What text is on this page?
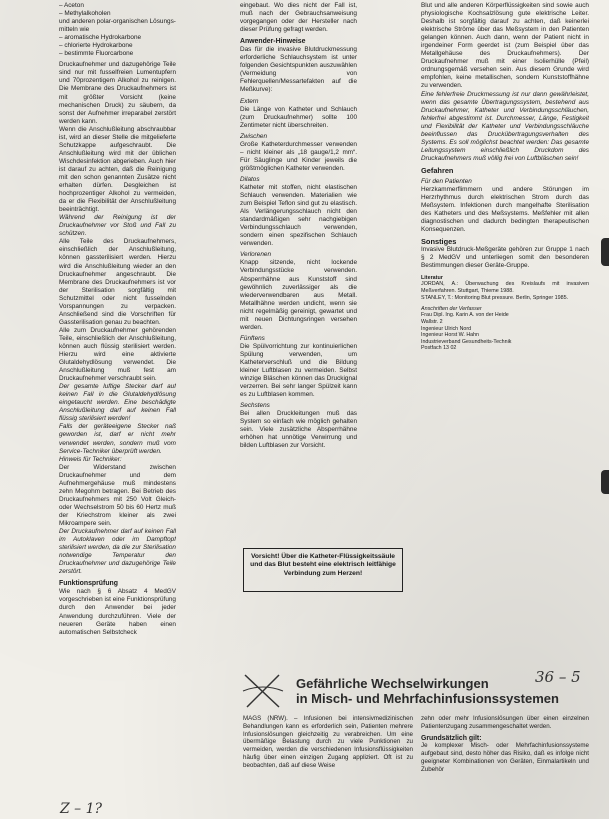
– Aceton

– Methylalkoholen

und anderen polar-organischen Lösungs-

mitteln wie

– aromatische Hydrokarbone

– chlorierte Hydrokarbone

– bestimmte Fluorcarbone

Druckaufnehmer und dazugehörige Teile sind nur mit fusselfreien Lumentupfern und 70prozentigem Alkohol zu reinigen. Die Membrane des Druckaufnehmers ist mit größter Vorsicht (keine mechanischen Druck) zu säubern, da sonst der Aufnehmer irreparabel zerstört werden kann.

Wenn die Anschlußleitung abschraubbar ist, wird an dieser Stelle die mitgelieferte Schutzkappe aufgeschraubt. Die Anschlußleitung wird mit der üblichen Wischdesinfektion abgerieben. Auch hier ist darauf zu achten, daß die Reinigung mit den schon genannten Zusätze nicht erhalten dürfen. Desgleichen ist hochprozentiger Alkohol zu vermeiden, da er die Flexibilität der Anschlußleitung beeinträchtigt.

Während der Reinigung ist der Druckaufnehmer vor Stoß und Fall zu schützen.

Alle Teile des Druckaufnehmers, einschließlich der Anschlußleitung, können gassterilisiert werden. Hierzu wird die Anschlußleitung wieder an den Druckaufnehmer angeschraubt. Die Membrane des Druckaufnehmers ist vor der Sterilisation sorgfältig mit Schutzmittel oder nicht fusselnden Vorspannungen zu verpacken. Anschließend sind die Vorschriften für Gassterilisation genau zu beachten.

Alle zum Druckaufnehmer gehörenden Teile, einschließlich der Anschlußleitung, können auch flüssig sterilisiert werden. Hierzu wird eine aktivierte Glutaldehydlösung verwendet. Die Anschlußleitung muß fest am Druckaufnehmer verschraubt sein.

Der gesamte luftige Stecker darf auf keinen Fall in die Glutaldehydlösung eingetaucht werden. Eine beschädigte Anschlußleitung darf auf keinen Fall flüssig sterilisiert werden!

Falls der geräteeigene Stecker naß geworden ist, darf er nicht mehr verwendet werden, sondern muß vom Service-Techniker überprüft werden.

Hinweis für Techniker:

Der Widerstand zwischen Druckaufnehmer und dem Aufnehmergehäuse muß mindestens zehn Megohm betragen. Bei Betrieb des Druckaufnehmers mit 250 Volt Gleich- oder Wechselstrom 50 bis 60 Hertz muß der Kriechstrom kleiner als zwei Mikroampere sein.

Der Druckaufnehmer darf auf keinen Fall im Autoklaven oder im Dampftopf sterilisiert werden, da die zur Sterilisation notwendige Temperatur den Druckaufnehmer und dazugehörige Teile zerstört.

Funktionsprüfung

Wie nach § 6 Absatz 4 MedGV vorgeschrieben ist eine Funktionsprüfung durch den Anwender bei jeder Anwendung durchzuführen. Viele der neueren Geräte haben einen automatischen Selbstcheck

eingebaut. Wo dies nicht der Fall ist, muß nach der Gebrauchsanweisung vorgegangen oder der Hersteller nach dieser Prüfung gefragt werden.

Anwender-Hinweise

Das für die invasive Blutdruckmessung erforderliche Schlauchsystem ist unter folgenden Gesichtspunkten auszuwählen (Vermeidung von Fehlerquellen/Messartefakten auf die Meßkurve):

Extern

Die Länge von Katheter und Schlauch (zum Druckaufnehmer) sollte 100 Zentimeter nicht überschreiten.

Zwischen

Große Katheterdurchmesser verwenden – nicht kleiner als „18 gauge/1,2 mm“. Für Säuglinge und Kinder jeweils die größtmöglichen Katheter verwenden.

Dilatos

Katheter mit stoffen, nicht elastischen Schlauch verwenden. Materialien wie zum Beispiel Teflon sind gut zu elastisch. Als Verlängerungsschlauch nicht den standardmäßigen sehr nachgiebigen Verbindungsschlauch verwenden, sondern einen spezifischen Schlauch verwenden.

Verlorenen

Knapp sitzende, nicht lockende Verbindungsstücke verwenden. Absperrhähne aus Kunststoff sind gewöhnlich zuverlässiger als die wiederverwendbaren aus Metall. Metallhähne werden undicht, wenn sie nicht regelmäßig gereinigt, gewartet und mit neuen Dichtungsringen versehen werden.

Fünftens

Die Spülvorrichtung zur kontinuierlichen Spülung verwenden, um Katheterverschluß und die Bildung kleiner Luftblasen zu vermeiden. Selbst winzige Bläschen können das Druckignal verzerren. Bei sehr langer Spülzeit kann es zu Luftblasen kommen.

Sechstens

Bei allen Druckleitungen muß das System so einfach wie möglich gehalten sein. Viele zusätzliche Absperrhähne erhöhen hat unnötige Verwirrung und bilden Luftblasen zur Vorsicht.

Vorsicht! Über die Katheter-Flüssigkeitssäule und das Blut besteht eine elektrisch leitfähige Verbindung zum Herzen!

Blut und alle anderen Körperflüssigkeiten sind sowie auch physiologische Kochsalzlösung gute elektrische Leiter. Deshalb ist sorgfältig darauf zu achten, daß keinerlei elektrische Ströme über das Meßsystem in den Patienten gelangen können. Auch dann, wenn der Patient nicht in irgendeiner Form geerdet ist (zum Beispiel über das Metallgehäuse des Druckaufnehmers). Der Druckaufnehmer muß mit einer Isolierhülle (Pfeil) ordnungsgemäß versehen sein. Aus diesem Grunde wird empfohlen, keine metallischen, sondern Kunststoffhähne zu verwenden.

Eine fehlerfreie Druckmessung ist nur dann gewährleistet, wenn das gesamte Übertragungssystem, bestehend aus Druckaufnehmer, Katheter und Verbindungsschläuchen, fehlerfrei abgestimmt ist. Durchmesser, Länge, Festigkeit und Flexibilität der Katheter und Verbindungsschläuche beeinflussen das Druckübertragungsverhalten des Systems. Es soll möglichst beachtet werden: Das gesamte Leitungssystem einschließlich Druckdom des Druckaufnehmers muß völlig frei von Luftbläschen sein!

Gefahren

Für den Patienten

Herzkammerflimmern und andere Störungen im Herzrhythmus durch elektrischen Strom durch das Meßsystem. Infektionen durch mangelhafte Sterilisation des Katheters und des Meßsystems. Meßfehler mit allen diagnostischen und dadurch bedingten therapeutischen Konsequenzen.

Sonstiges

Invasive Blutdruck-Meßgeräte gehören zur Gruppe 1 nach § 2 MedGV und unterliegen somit den besonderen Bestimmungen dieser Geräte-Gruppe.

Literatur

JORDAN, A.: Überwachung des Kreislaufs mit invasiven Meßverfahren. Stuttgart, Thieme 1988.

STANLEY, T.: Monitoring Blut pressure. Berlin, Springer 1985.

Anschriften der Verfasser

Frau Dipl. Ing. Karin A. von der Heide

Wallstr. 2

Ingenieur Ulrich Nord

Ingenieur Horst W. Hahn

Industrieverband Gesundheits-Technik

Postfach 13 02

Gefährliche Wechselwirkungen
in Misch- und Mehrfachinfusionssystemen
36 – 5

MAGS (NRW). – Infusionen bei intensivmedizinischen Behandlungen kann es erforderlich sein, Patienten mehrere Infusionslösungen gleichzeitig zu verabreichen. Um eine übermäßige Belastung durch zu viele Punktionen zu vermeiden, werden die verschiedenen Infusionsflüssigkeiten häufig über einen einzigen Zugang appliziert. Oft ist zu beobachten, daß auf diese Weise

zehn oder mehr Infusionslösungen über einen einzelnen Patientenzugang zusammengeschaltet werden.

Grundsätzlich gilt:

Je komplexer Misch- oder Mehrfachinfusionssysteme aufgebaut sind, desto höher das Risiko, daß es infolge nicht geeigneter Kombinationen von Geräten, Einmalartikeln und Zubehör

Z – 1?
